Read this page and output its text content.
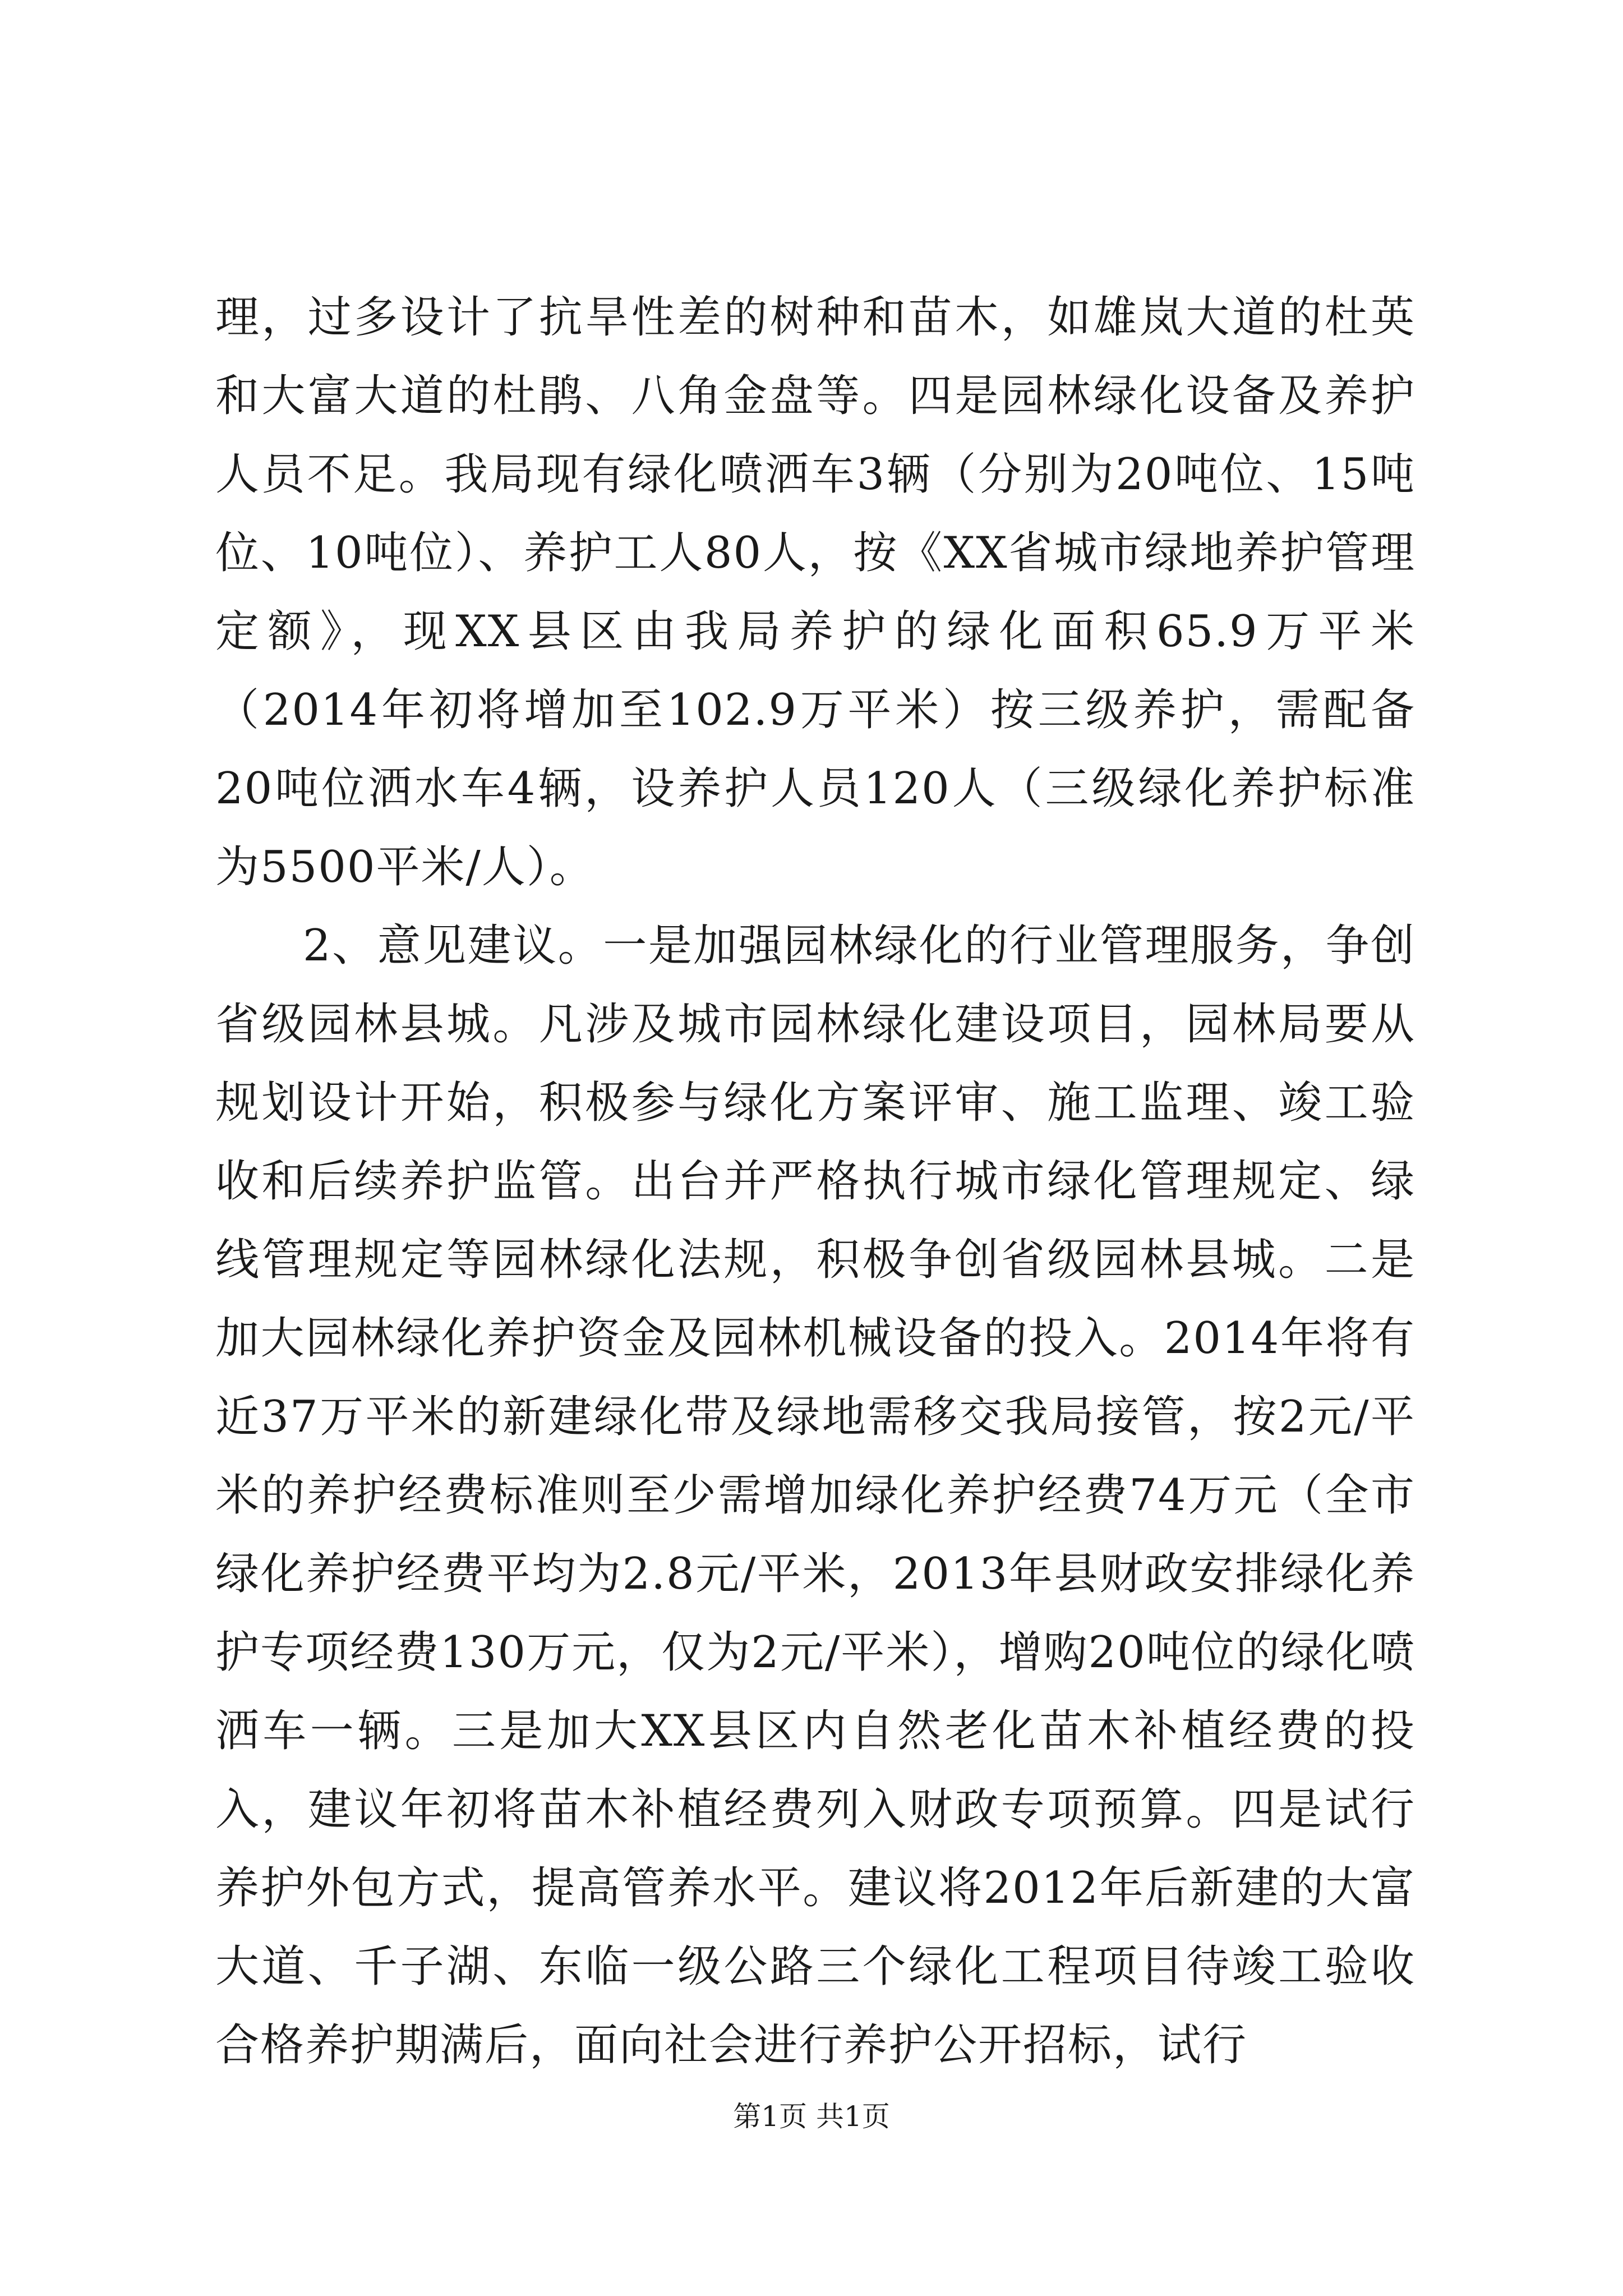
理，过多设计了抗旱性差的树种和苗木，如雄岚大道的杜英和大富大道的杜鹃、八角金盘等。四是园林绿化设备及养护人员不足。我局现有绿化喷洒车3辆（分别为20吨位、15吨位、10吨位）、养护工人80人，按《XX省城市绿地养护管理定额》，现XX县区由我局养护的绿化面积65.9万平米（2014年初将增加至102.9万平米）按三级养护，需配备20吨位洒水车4辆，设养护人员120人（三级绿化养护标准为5500平米/人）。

2、意见建议。一是加强园林绿化的行业管理服务，争创省级园林县城。凡涉及城市园林绿化建设项目，园林局要从规划设计开始，积极参与绿化方案评审、施工监理、竣工验收和后续养护监管。出台并严格执行城市绿化管理规定、绿线管理规定等园林绿化法规，积极争创省级园林县城。二是加大园林绿化养护资金及园林机械设备的投入。2014年将有近37万平米的新建绿化带及绿地需移交我局接管，按2元/平米的养护经费标准则至少需增加绿化养护经费74万元（全市绿化养护经费平均为2.8元/平米，2013年县财政安排绿化养护专项经费130万元，仅为2元/平米），增购20吨位的绿化喷洒车一辆。三是加大XX县区内自然老化苗木补植经费的投入，建议年初将苗木补植经费列入财政专项预算。四是试行养护外包方式，提高管养水平。建议将2012年后新建的大富大道、千子湖、东临一级公路三个绿化工程项目待竣工验收合格养护期满后，面向社会进行养护公开招标，试行

第1页 共1页
